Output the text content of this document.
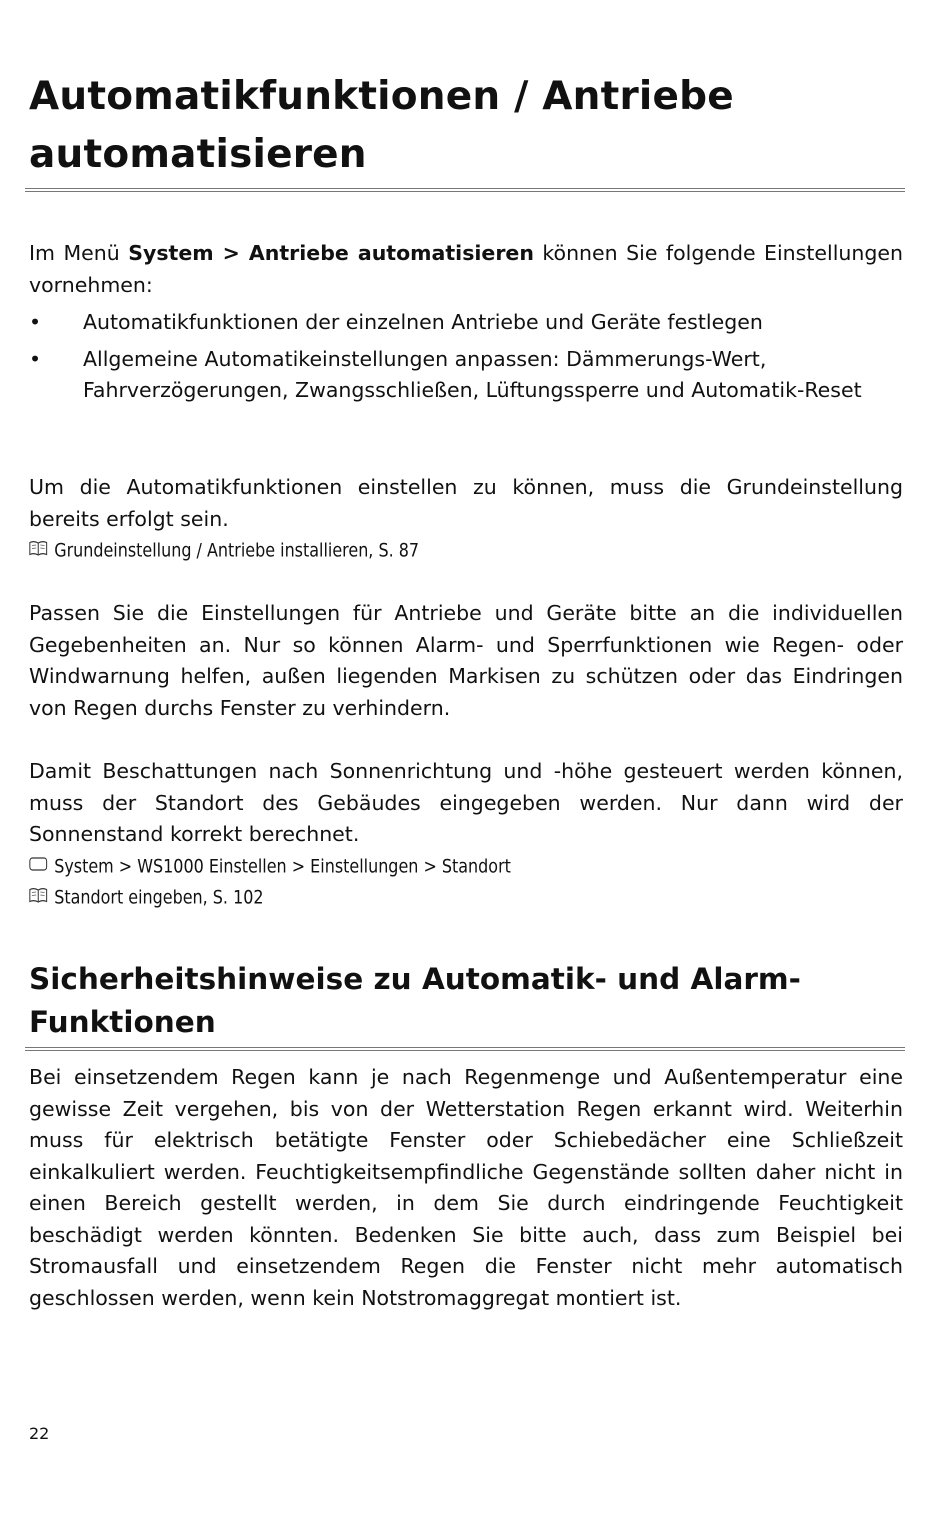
Automatikfunktionen / Antriebe automatisieren
Im Menü System > Antriebe automatisieren können Sie folgende Einstellungen vornehmen:
• Automatikfunktionen der einzelnen Antriebe und Geräte festlegen
• Allgemeine Automatikeinstellungen anpassen: Dämmerungs-Wert, Fahrverzögerungen, Zwangsschließen, Lüftungssperre und Automatik-Reset
Um die Automatikfunktionen einstellen zu können, muss die Grundeinstellung bereits erfolgt sein.
Grundeinstellung / Antriebe installieren, S. 87
Passen Sie die Einstellungen für Antriebe und Geräte bitte an die individuellen Gegebenheiten an. Nur so können Alarm- und Sperrfunktionen wie Regen- oder Windwarnung helfen, außen liegenden Markisen zu schützen oder das Eindringen von Regen durchs Fenster zu verhindern.
Damit Beschattungen nach Sonnenrichtung und -höhe gesteuert werden können, muss der Standort des Gebäudes eingegeben werden. Nur dann wird der Sonnenstand korrekt berechnet.
System > WS1000 Einstellen > Einstellungen > Standort
Standort eingeben, S. 102
Sicherheitshinweise zu Automatik- und Alarm-Funktionen
Bei einsetzendem Regen kann je nach Regenmenge und Außentemperatur eine gewisse Zeit vergehen, bis von der Wetterstation Regen erkannt wird. Weiterhin muss für elektrisch betätigte Fenster oder Schiebedächer eine Schließzeit einkalkuliert werden. Feuchtigkeitsempfindliche Gegenstände sollten daher nicht in einen Bereich gestellt werden, in dem Sie durch eindringende Feuchtigkeit beschädigt werden könnten. Bedenken Sie bitte auch, dass zum Beispiel bei Stromausfall und einsetzendem Regen die Fenster nicht mehr automatisch geschlossen werden, wenn kein Notstromaggregat montiert ist.
22
